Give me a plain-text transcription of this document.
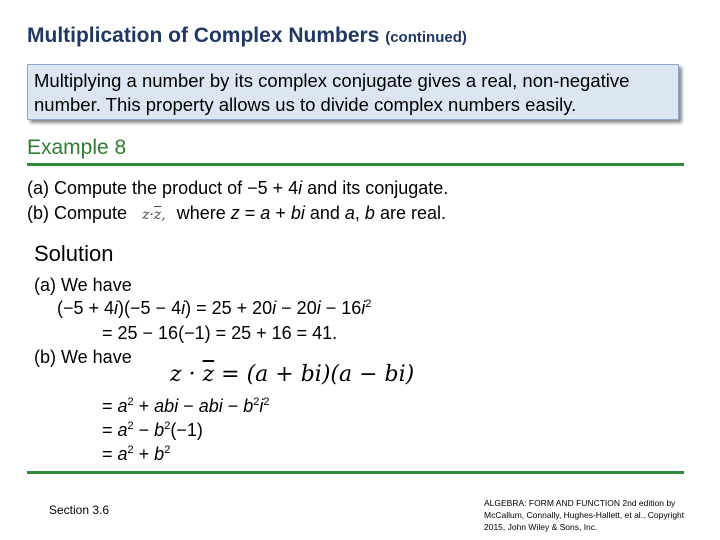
Multiplication of Complex Numbers (continued)
Multiplying a number by its complex conjugate gives a real, non-negative
number. This property allows us to divide complex numbers easily.
Example 8
(a) Compute the product of −5 + 4i and its conjugate.
(b) Compute $z\cdot\overline{z}$, where z = a + bi and a, b are real.
Solution
(a) We have
$(-5 + 4i)(-5 - 4i) = 25 + 20i - 20i - 16i^2$
= 25 − 16(−1) = 25 + 16 = 41.
(b) We have
$z \cdot \overline{z} = (a + bi)(a - bi)$
= $a^2$ + abi − abi − $b^2i^2$
= $a^2 - b^2(-1)$
= $a^2 + b^2$
Section 3.6	ALGEBRA: FORM AND FUNCTION 2nd edition by McCallum, Connally, Hughes-Hallett, et al., Copyright 2015, John Wiley & Sons, Inc.
